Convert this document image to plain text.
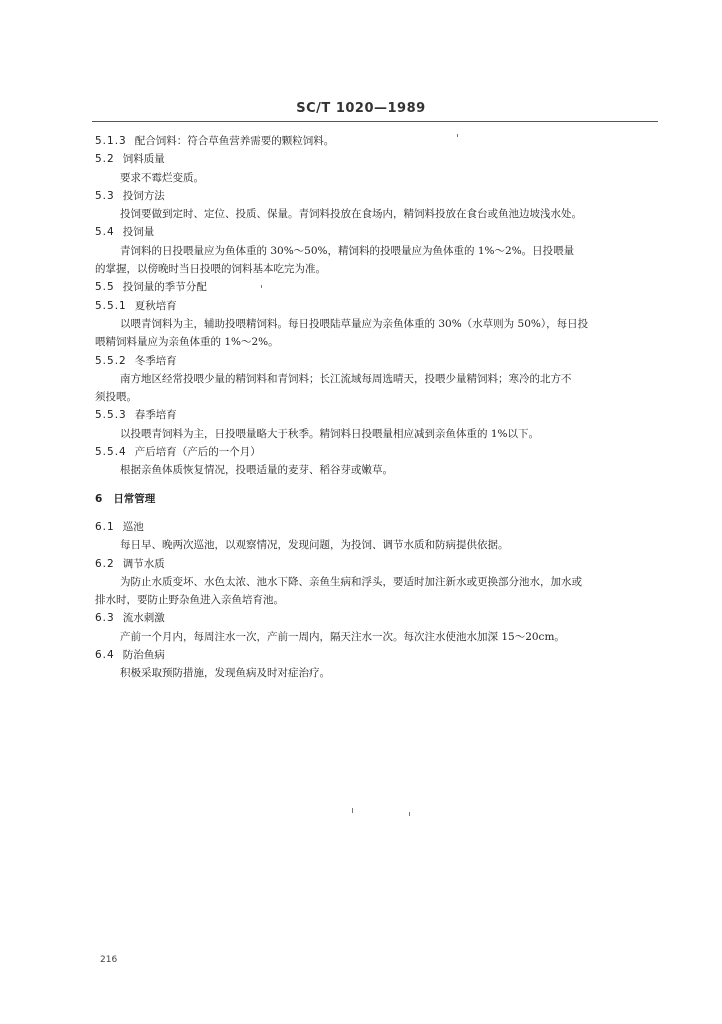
SC/T 1020—1989
5.1.3 配合饲料：符合草鱼营养需要的颗粒饲料。
5.2 饲料质量
要求不霉烂变质。
5.3 投饲方法
投饲要做到定时、定位、投质、保量。青饲料投放在食场内，精饲料投放在食台或鱼池边坡浅水处。
5.4 投饲量
青饲料的日投喂量应为鱼体重的 30%～50%，精饲料的投喂量应为鱼体重的 1%～2%。日投喂量
的掌握，以傍晚时当日投喂的饲料基本吃完为准。
5.5 投饲量的季节分配
5.5.1 夏秋培育
以喂青饲料为主，辅助投喂精饲料。每日投喂陆草量应为亲鱼体重的 30%（水草则为 50%），每日投
喂精饲料量应为亲鱼体重的 1%～2%。
5.5.2 冬季培育
南方地区经常投喂少量的精饲料和青饲料；长江流域每周选晴天，投喂少量精饲料；寒冷的北方不
须投喂。
5.5.3 春季培育
以投喂青饲料为主，日投喂量略大于秋季。精饲料日投喂量相应减到亲鱼体重的 1%以下。
5.5.4 产后培育（产后的一个月）
根据亲鱼体质恢复情况，投喂适量的麦芽、稻谷芽或嫩草。
6 日常管理
6.1 巡池
每日早、晚两次巡池，以观察情况，发现问题，为投饲、调节水质和防病提供依据。
6.2 调节水质
为防止水质变坏、水色太浓、池水下降、亲鱼生病和浮头，要适时加注新水或更换部分池水，加水或
排水时，要防止野杂鱼进入亲鱼培育池。
6.3 流水刺激
产前一个月内，每周注水一次，产前一周内，隔天注水一次。每次注水使池水加深 15～20cm。
6.4 防治鱼病
积极采取预防措施，发现鱼病及时对症治疗。
216
